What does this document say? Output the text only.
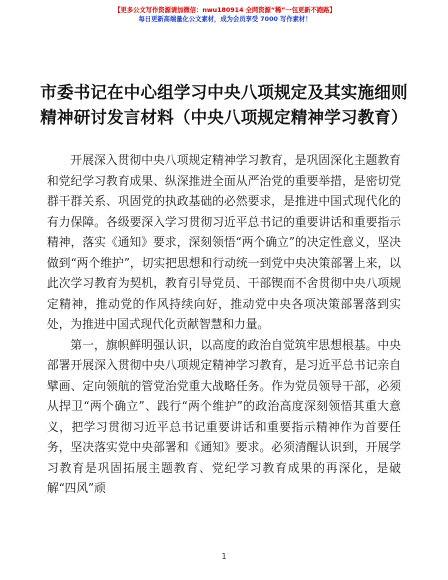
【更多公文写作资源请加微信：nwu180914 全网资源“稀”一包更新不跑路】
每日更新高端量化公文素材，成为会员享受 7000 写作素材！
市委书记在中心组学习中央八项规定及其实施细则精神研讨发言材料（中央八项规定精神学习教育）

开展深入贯彻中央八项规定精神学习教育，是巩固深化主题教育和党纪学习教育成果、纵深推进全面从严治党的重要举措，是密切党群干群关系、巩固党的执政基础的必然要求，是推进中国式现代化的有力保障。各级要深入学习贯彻习近平总书记的重要讲话和重要指示精神，落实《通知》要求，深刻领悟“两个确立”的决定性意义，坚决做到“两个维护”，切实把思想和行动统一到党中央决策部署上来，以此次学习教育为契机，教育引导党员、干部锲而不舍贯彻中央八项规定精神，推动党的作风持续向好，推动党中央各项决策部署落到实处，为推进中国式现代化贡献智慧和力量。

第一，旗帜鲜明强认识，以高度的政治自觉筑牢思想根基。中央部署开展深入贯彻中央八项规定精神学习教育，是习近平总书记亲自擘画、定向领航的管党治党重大战略任务。作为党员领导干部，必须从捍卫“两个确立”、践行“两个维护”的政治高度深刻领悟其重大意义，把学习贯彻习近平总书记重要讲话和重要指示精神作为首要任务，坚决落实党中央部署和《通知》要求。必须清醒认识到，开展学习教育是巩固拓展主题教育、党纪学习教育成果的再深化，是破解“四风”顽

1
